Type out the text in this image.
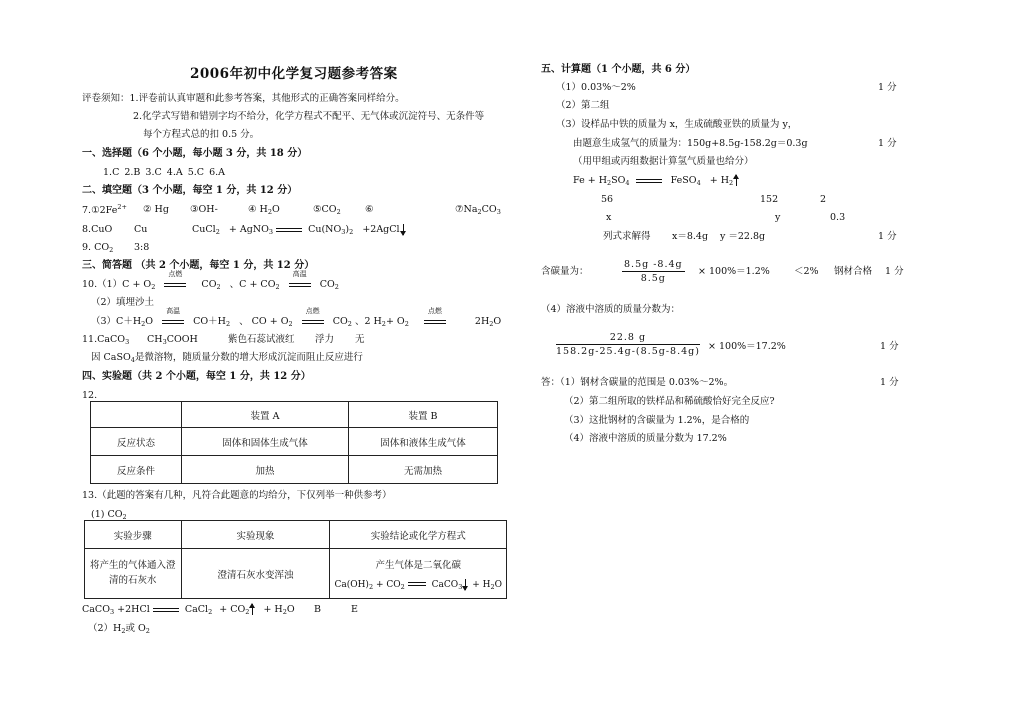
2006年初中化学复习题参考答案
评卷须知：1.评卷前认真审题和此参考答案，其他形式的正确答案同样给分。
2.化学式写错和错别字均不给分，化学方程式不配平、无气体或沉淀符号、无条件等
每个方程式总的扣 0.5 分。
一、选择题（6 个小题，每小题 3 分，共 18 分）
1.C 2.B 3.C 4.A 5.C 6.A
二、填空题（3 个小题，每空 1 分，共 12 分）
$7.①2Fe^{2+}$ ② Hg ③OH-	④ $H_2O$	$⑤CO_2$	⑥	$⑦Na_2CO_3$
8.CuO Cu	CuCl$_2$ + AgNO$_3$	$Cu(NO_3)_2$ +2AgCl
9. $CO_2$ 3:8
三、简答题 （共 2 个小题，每空 1 分，共 12 分）
$10.(1)C + O_2$
点燃
$CO_2$ 、$C + CO_2$
高温
$CO_2$
（2）填埋沙土
$(3)C+H_2O$
高温
$CO+H_2$ 、 CO + $O_2$
点燃
$CO_2$ 、2 $H_2+ O_2$
点燃
$2H_2O$
11.CaCO$_3$ $CH_3COOH$	紫色石蕊试液红 浮力 无
因 CaSO$_4$是微溶物，随质量分数的增大形成沉淀而阻止反应进行
四、实验题（共 2 个小题，每空 1 分，共 12 分）
12.
	装置 A	装置 B
反应状态	固体和固体生成气体	固体和液体生成气体
反应条件	加热	无需加热
13.（此题的答案有几种，凡符合此题意的均给分，下仅列举一种供参考）
(1) $CO_2$
实验步骤	实验现象	实验结论或化学方程式
将产生的气体通入澄清的石灰水	澄清石灰水变浑浊	产生气体是二氧化碳
$Ca(OH)_2 + CO_2$ CaCO$_3$ + $H_2O$
CaCO$_3$ +2HCl	CaCl$_2$ + $CO_2 + H_2O$ B	E
$(2)H_2$或 $O_2$
五、计算题（1 个小题，共 6 分）
（1）0.03%～2%	1 分
（2）第二组
（3）设样品中铁的质量为 x，生成硫酸亚铁的质量为 y，
由题意生成氢气的质量为：150g+8.5g-158.2g＝0.3g	1 分
（用甲组或丙组数据计算氢气质量也给分）
$Fe + H_2SO_4$	FeSO$_4$ + $H_2$
56	152	2
x	y	0.3
列式求解得 x＝8.4g y ＝22.8g	1 分
含碳量为：	$\frac{8.5g -8.4g}{8.5g} \times 100\%=1.2\%$	＜2% 钢材合格 1 分
（4）溶液中溶质的质量分数为：
$\frac{22.8 g}{158.2g-25.4g-(8.5g-8.4g)} \times 100\%=17.2\%$	1 分
答：（1）钢材含碳量的范围是 0.03%～2%。	1 分
（2）第二组所取的铁样品和稀硫酸恰好完全反应?
（3）这批钢材的含碳量为 1.2%，是合格的
（4）溶液中溶质的质量分数为 17.2%
